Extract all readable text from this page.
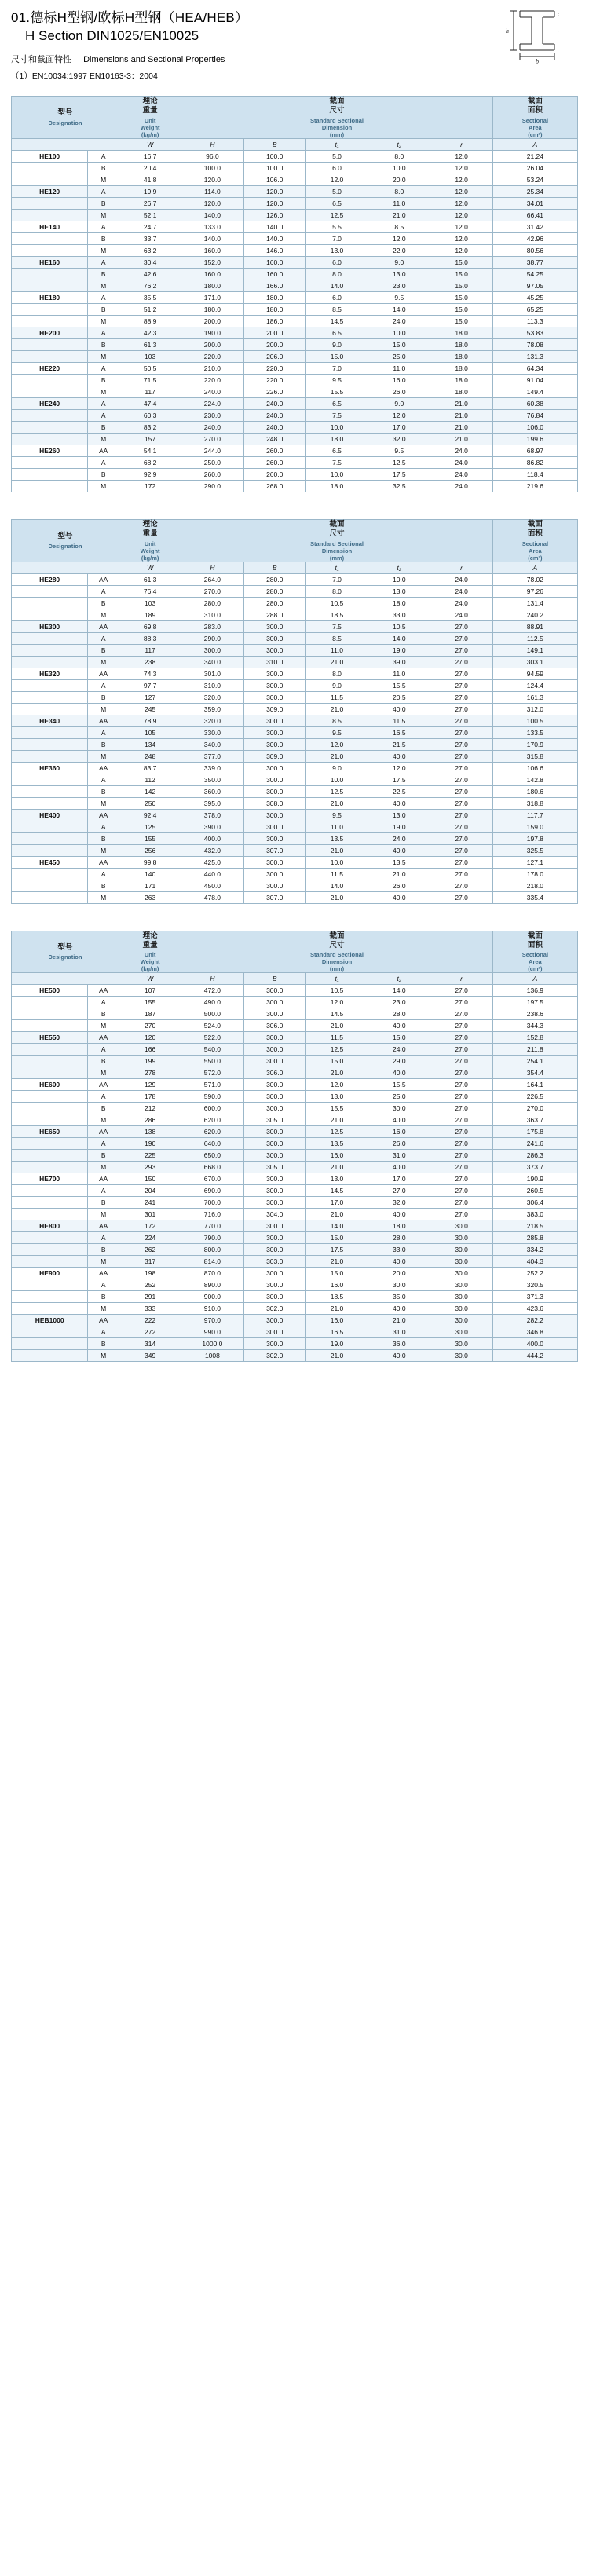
h
b
t
r
01.德标H型钢/欧标H型钢（HEA/HEB）
H Section DIN1025/EN10025
尺寸和截面特性 Dimensions and Sectional Properties
（1）EN10034:1997 EN10163-3：2004
型号
Designation		理论
重量
Unit
Weight
(kg/m)	截面
尺寸
Standard Sectional
Dimension
(mm)					截面
面积
Sectional
Area
(cm²)

		W	H	B	t₁	t₂	r	A
HE100	A	16.7	96.0	100.0	5.0	8.0	12.0	21.24
	B	20.4	100.0	100.0	6.0	10.0	12.0	26.04
	M	41.8	120.0	106.0	12.0	20.0	12.0	53.24
HE120	A	19.9	114.0	120.0	5.0	8.0	12.0	25.34
	B	26.7	120.0	120.0	6.5	11.0	12.0	34.01
	M	52.1	140.0	126.0	12.5	21.0	12.0	66.41
HE140	A	24.7	133.0	140.0	5.5	8.5	12.0	31.42
	B	33.7	140.0	140.0	7.0	12.0	12.0	42.96
	M	63.2	160.0	146.0	13.0	22.0	12.0	80.56
HE160	A	30.4	152.0	160.0	6.0	9.0	15.0	38.77
	B	42.6	160.0	160.0	8.0	13.0	15.0	54.25
	M	76.2	180.0	166.0	14.0	23.0	15.0	97.05
HE180	A	35.5	171.0	180.0	6.0	9.5	15.0	45.25
	B	51.2	180.0	180.0	8.5	14.0	15.0	65.25
	M	88.9	200.0	186.0	14.5	24.0	15.0	113.3
HE200	A	42.3	190.0	200.0	6.5	10.0	18.0	53.83
	B	61.3	200.0	200.0	9.0	15.0	18.0	78.08
	M	103	220.0	206.0	15.0	25.0	18.0	131.3
HE220	A	50.5	210.0	220.0	7.0	11.0	18.0	64.34
	B	71.5	220.0	220.0	9.5	16.0	18.0	91.04
	M	117	240.0	226.0	15.5	26.0	18.0	149.4
HE240	A	47.4	224.0	240.0	6.5	9.0	21.0	60.38
	A	60.3	230.0	240.0	7.5	12.0	21.0	76.84
	B	83.2	240.0	240.0	10.0	17.0	21.0	106.0
	M	157	270.0	248.0	18.0	32.0	21.0	199.6
HE260	AA	54.1	244.0	260.0	6.5	9.5	24.0	68.97
	A	68.2	250.0	260.0	7.5	12.5	24.0	86.82
	B	92.9	260.0	260.0	10.0	17.5	24.0	118.4
	M	172	290.0	268.0	18.0	32.5	24.0	219.6
型号
Designation		理论
重量
Unit
Weight
(kg/m)	截面
尺寸
Standard Sectional
Dimension
(mm)					截面
面积
Sectional
Area
(cm²)

		W	H	B	t₁	t₂	r	A
HE280	AA	61.3	264.0	280.0	7.0	10.0	24.0	78.02
	A	76.4	270.0	280.0	8.0	13.0	24.0	97.26
	B	103	280.0	280.0	10.5	18.0	24.0	131.4
	M	189	310.0	288.0	18.5	33.0	24.0	240.2
HE300	AA	69.8	283.0	300.0	7.5	10.5	27.0	88.91
	A	88.3	290.0	300.0	8.5	14.0	27.0	112.5
	B	117	300.0	300.0	11.0	19.0	27.0	149.1
	M	238	340.0	310.0	21.0	39.0	27.0	303.1
HE320	AA	74.3	301.0	300.0	8.0	11.0	27.0	94.59
	A	97.7	310.0	300.0	9.0	15.5	27.0	124.4
	B	127	320.0	300.0	11.5	20.5	27.0	161.3
	M	245	359.0	309.0	21.0	40.0	27.0	312.0
HE340	AA	78.9	320.0	300.0	8.5	11.5	27.0	100.5
	A	105	330.0	300.0	9.5	16.5	27.0	133.5
	B	134	340.0	300.0	12.0	21.5	27.0	170.9
	M	248	377.0	309.0	21.0	40.0	27.0	315.8
HE360	AA	83.7	339.0	300.0	9.0	12.0	27.0	106.6
	A	112	350.0	300.0	10.0	17.5	27.0	142.8
	B	142	360.0	300.0	12.5	22.5	27.0	180.6
	M	250	395.0	308.0	21.0	40.0	27.0	318.8
HE400	AA	92.4	378.0	300.0	9.5	13.0	27.0	117.7
	A	125	390.0	300.0	11.0	19.0	27.0	159.0
	B	155	400.0	300.0	13.5	24.0	27.0	197.8
	M	256	432.0	307.0	21.0	40.0	27.0	325.5
HE450	AA	99.8	425.0	300.0	10.0	13.5	27.0	127.1
	A	140	440.0	300.0	11.5	21.0	27.0	178.0
	B	171	450.0	300.0	14.0	26.0	27.0	218.0
	M	263	478.0	307.0	21.0	40.0	27.0	335.4
型号
Designation		理论
重量
Unit
Weight
(kg/m)	截面
尺寸
Standard Sectional
Dimension
(mm)					截面
面积
Sectional
Area
(cm²)

		W	H	B	t₁	t₂	r	A
HE500	AA	107	472.0	300.0	10.5	14.0	27.0	136.9
	A	155	490.0	300.0	12.0	23.0	27.0	197.5
	B	187	500.0	300.0	14.5	28.0	27.0	238.6
	M	270	524.0	306.0	21.0	40.0	27.0	344.3
HE550	AA	120	522.0	300.0	11.5	15.0	27.0	152.8
	A	166	540.0	300.0	12.5	24.0	27.0	211.8
	B	199	550.0	300.0	15.0	29.0	27.0	254.1
	M	278	572.0	306.0	21.0	40.0	27.0	354.4
HE600	AA	129	571.0	300.0	12.0	15.5	27.0	164.1
	A	178	590.0	300.0	13.0	25.0	27.0	226.5
	B	212	600.0	300.0	15.5	30.0	27.0	270.0
	M	286	620.0	305.0	21.0	40.0	27.0	363.7
HE650	AA	138	620.0	300.0	12.5	16.0	27.0	175.8
	A	190	640.0	300.0	13.5	26.0	27.0	241.6
	B	225	650.0	300.0	16.0	31.0	27.0	286.3
	M	293	668.0	305.0	21.0	40.0	27.0	373.7
HE700	AA	150	670.0	300.0	13.0	17.0	27.0	190.9
	A	204	690.0	300.0	14.5	27.0	27.0	260.5
	B	241	700.0	300.0	17.0	32.0	27.0	306.4
	M	301	716.0	304.0	21.0	40.0	27.0	383.0
HE800	AA	172	770.0	300.0	14.0	18.0	30.0	218.5
	A	224	790.0	300.0	15.0	28.0	30.0	285.8
	B	262	800.0	300.0	17.5	33.0	30.0	334.2
	M	317	814.0	303.0	21.0	40.0	30.0	404.3
HE900	AA	198	870.0	300.0	15.0	20.0	30.0	252.2
	A	252	890.0	300.0	16.0	30.0	30.0	320.5
	B	291	900.0	300.0	18.5	35.0	30.0	371.3
	M	333	910.0	302.0	21.0	40.0	30.0	423.6
HEB1000	AA	222	970.0	300.0	16.0	21.0	30.0	282.2
	A	272	990.0	300.0	16.5	31.0	30.0	346.8
	B	314	1000.0	300.0	19.0	36.0	30.0	400.0
	M	349	1008	302.0	21.0	40.0	30.0	444.2
